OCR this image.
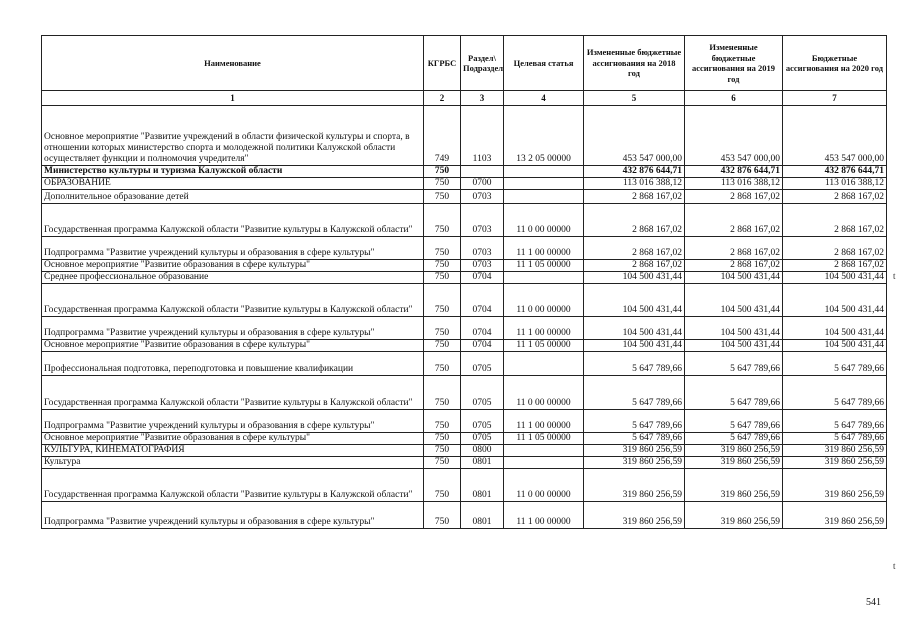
Наименование	КГРБС	Раздел\ Подраздел	Целевая статья	Измененные бюджетные ассигнования на 2018 год	Измененные бюджетные ассигнования на 2019 год	Бюджетные ассигнования на 2020 год
1	2	3	4	5	6	7
Основное мероприятие "Развитие учреждений в области физической культуры и спорта, в отношении которых министерство спорта и молодежной политики Калужской области осуществляет функции и полномочия учредителя"	749	1103	13 2 05 00000	453 547 000,00	453 547 000,00	453 547 000,00
Министерство культуры и туризма Калужской области	750			432 876 644,71	432 876 644,71	432 876 644,71
ОБРАЗОВАНИЕ	750	0700		113 016 388,12	113 016 388,12	113 016 388,12
Дополнительное образование детей	750	0703		2 868 167,02	2 868 167,02	2 868 167,02
Государственная программа Калужской области "Развитие культуры в Калужской области"	750	0703	11 0 00 00000	2 868 167,02	2 868 167,02	2 868 167,02
Подпрограмма "Развитие учреждений культуры и образования в сфере культуры"	750	0703	11 1 00 00000	2 868 167,02	2 868 167,02	2 868 167,02
Основное мероприятие "Развитие образования в сфере культуры"	750	0703	11 1 05 00000	2 868 167,02	2 868 167,02	2 868 167,02
Среднее профессиональное образование	750	0704		104 500 431,44	104 500 431,44	104 500 431,44
Государственная программа Калужской области "Развитие культуры в Калужской области"	750	0704	11 0 00 00000	104 500 431,44	104 500 431,44	104 500 431,44
Подпрограмма "Развитие учреждений культуры и образования в сфере культуры"	750	0704	11 1 00 00000	104 500 431,44	104 500 431,44	104 500 431,44
Основное мероприятие "Развитие образования в сфере культуры"	750	0704	11 1 05 00000	104 500 431,44	104 500 431,44	104 500 431,44
Профессиональная подготовка, переподготовка и повышение квалификации	750	0705		5 647 789,66	5 647 789,66	5 647 789,66
Государственная программа Калужской области "Развитие культуры в Калужской области"	750	0705	11 0 00 00000	5 647 789,66	5 647 789,66	5 647 789,66
Подпрограмма "Развитие учреждений культуры и образования в сфере культуры"	750	0705	11 1 00 00000	5 647 789,66	5 647 789,66	5 647 789,66
Основное мероприятие "Развитие образования в сфере культуры"	750	0705	11 1 05 00000	5 647 789,66	5 647 789,66	5 647 789,66
КУЛЬТУРА, КИНЕМАТОГРАФИЯ	750	0800		319 860 256,59	319 860 256,59	319 860 256,59
Культура	750	0801		319 860 256,59	319 860 256,59	319 860 256,59
Государственная программа Калужской области "Развитие культуры в Калужской области"	750	0801	11 0 00 00000	319 860 256,59	319 860 256,59	319 860 256,59
Подпрограмма "Развитие учреждений культуры и образования в сфере культуры"	750	0801	11 1 00 00000	319 860 256,59	319 860 256,59	319 860 256,59
541
t
t
